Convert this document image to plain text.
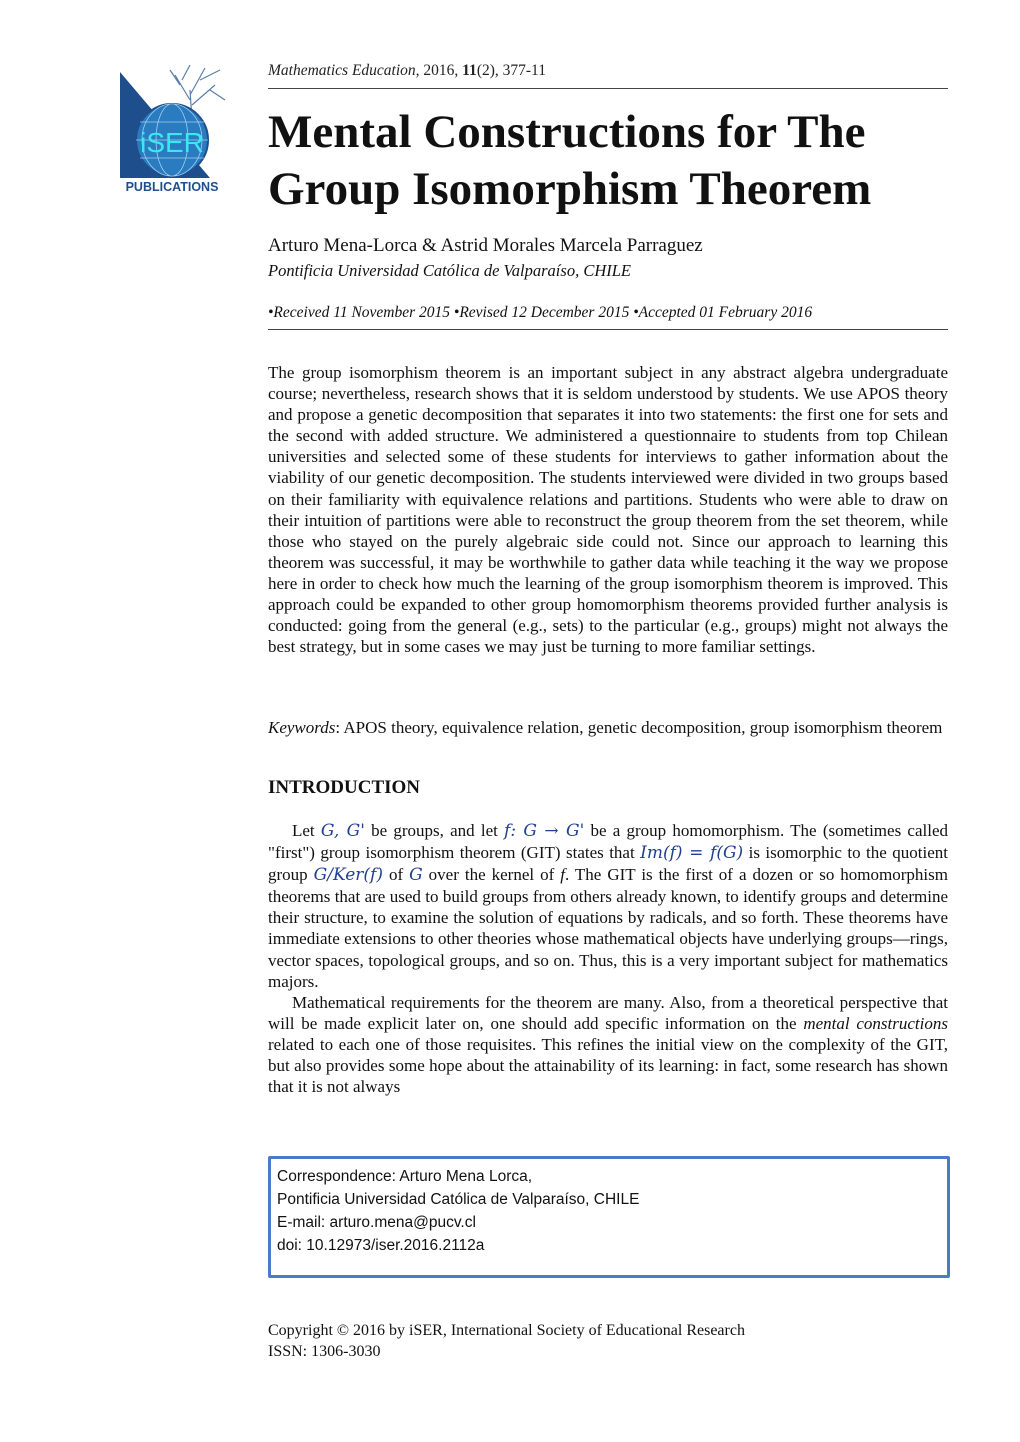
iSER
PUBLICATIONS
Mathematics Education, 2016, 11(2), 377-11
Mental Constructions for The Group Isomorphism Theorem
Arturo Mena-Lorca & Astrid Morales Marcela Parraguez
Pontificia Universidad Católica de Valparaíso, CHILE
•Received 11 November 2015 •Revised 12 December 2015 •Accepted 01 February 2016
The group isomorphism theorem is an important subject in any abstract algebra undergraduate course; nevertheless, research shows that it is seldom understood by students. We use APOS theory and propose a genetic decomposition that separates it into two statements: the first one for sets and the second with added structure. We administered a questionnaire to students from top Chilean universities and selected some of these students for interviews to gather information about the viability of our genetic decomposition. The students interviewed were divided in two groups based on their familiarity with equivalence relations and partitions. Students who were able to draw on their intuition of partitions were able to reconstruct the group theorem from the set theorem, while those who stayed on the purely algebraic side could not. Since our approach to learning this theorem was successful, it may be worthwhile to gather data while teaching it the way we propose here in order to check how much the learning of the group isomorphism theorem is improved. This approach could be expanded to other group homomorphism theorems provided further analysis is conducted: going from the general (e.g., sets) to the particular (e.g., groups) might not always the best strategy, but in some cases we may just be turning to more familiar settings.
Keywords: APOS theory, equivalence relation, genetic decomposition, group isomorphism theorem
INTRODUCTION

Let G, G' be groups, and let f: G → G' be a group homomorphism. The (sometimes called "first") group isomorphism theorem (GIT) states that Im(f) = f(G) is isomorphic to the quotient group G/Ker(f) of G over the kernel of f. The GIT is the first of a dozen or so homomorphism theorems that are used to build groups from others already known, to identify groups and determine their structure, to examine the solution of equations by radicals, and so forth. These theorems have immediate extensions to other theories whose mathematical objects have underlying groups—rings, vector spaces, topological groups, and so on. Thus, this is a very important subject for mathematics majors.

Mathematical requirements for the theorem are many. Also, from a theoretical perspective that will be made explicit later on, one should add specific information on the mental constructions related to each one of those requisites. This refines the initial view on the complexity of the GIT, but also provides some hope about the attainability of its learning: in fact, some research has shown that it is not always

Correspondence: Arturo Mena Lorca,
Pontificia Universidad Católica de Valparaíso, CHILE
E-mail: arturo.mena@pucv.cl
doi: 10.12973/iser.2016.2112a
Copyright © 2016 by iSER, International Society of Educational Research
ISSN: 1306-3030
